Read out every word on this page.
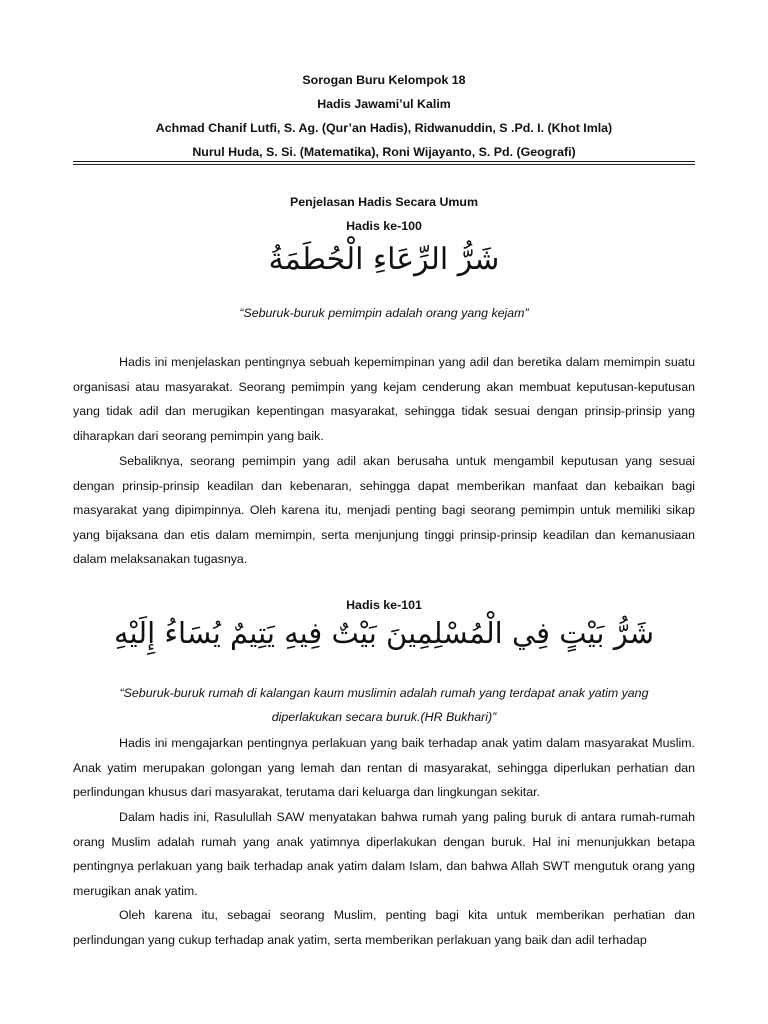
Sorogan Buru Kelompok 18
Hadis Jawami’ul Kalim
Achmad Chanif Lutfi, S. Ag. (Qur’an Hadis), Ridwanuddin, S .Pd. I. (Khot Imla)
Nurul Huda, S. Si. (Matematika), Roni Wijayanto, S. Pd. (Geografi)
Penjelasan Hadis Secara Umum
Hadis ke-100
شَرُّ الرِّعَاءِ الْحُطَمَةُ
“Seburuk-buruk pemimpin adalah orang yang kejam”

Hadis ini menjelaskan pentingnya sebuah kepemimpinan yang adil dan beretika dalam memimpin suatu organisasi atau masyarakat. Seorang pemimpin yang kejam cenderung akan membuat keputusan-keputusan yang tidak adil dan merugikan kepentingan masyarakat, sehingga tidak sesuai dengan prinsip-prinsip yang diharapkan dari seorang pemimpin yang baik.

Sebaliknya, seorang pemimpin yang adil akan berusaha untuk mengambil keputusan yang sesuai dengan prinsip-prinsip keadilan dan kebenaran, sehingga dapat memberikan manfaat dan kebaikan bagi masyarakat yang dipimpinnya. Oleh karena itu, menjadi penting bagi seorang pemimpin untuk memiliki sikap yang bijaksana dan etis dalam memimpin, serta menjunjung tinggi prinsip-prinsip keadilan dan kemanusiaan dalam melaksanakan tugasnya.

Hadis ke-101
شَرُّ بَيْتٍ فِي الْمُسْلِمِينَ بَيْتٌ فِيهِ يَتِيمٌ يُسَاءُ إِلَيْهِ
“Seburuk-buruk rumah di kalangan kaum muslimin adalah rumah yang terdapat anak yatim yang
diperlakukan secara buruk.(HR Bukhari)”

Hadis ini mengajarkan pentingnya perlakuan yang baik terhadap anak yatim dalam masyarakat Muslim. Anak yatim merupakan golongan yang lemah dan rentan di masyarakat, sehingga diperlukan perhatian dan perlindungan khusus dari masyarakat, terutama dari keluarga dan lingkungan sekitar.

Dalam hadis ini, Rasulullah SAW menyatakan bahwa rumah yang paling buruk di antara rumah-rumah orang Muslim adalah rumah yang anak yatimnya diperlakukan dengan buruk. Hal ini menunjukkan betapa pentingnya perlakuan yang baik terhadap anak yatim dalam Islam, dan bahwa Allah SWT mengutuk orang yang merugikan anak yatim.

Oleh karena itu, sebagai seorang Muslim, penting bagi kita untuk memberikan perhatian dan perlindungan yang cukup terhadap anak yatim, serta memberikan perlakuan yang baik dan adil terhadap
